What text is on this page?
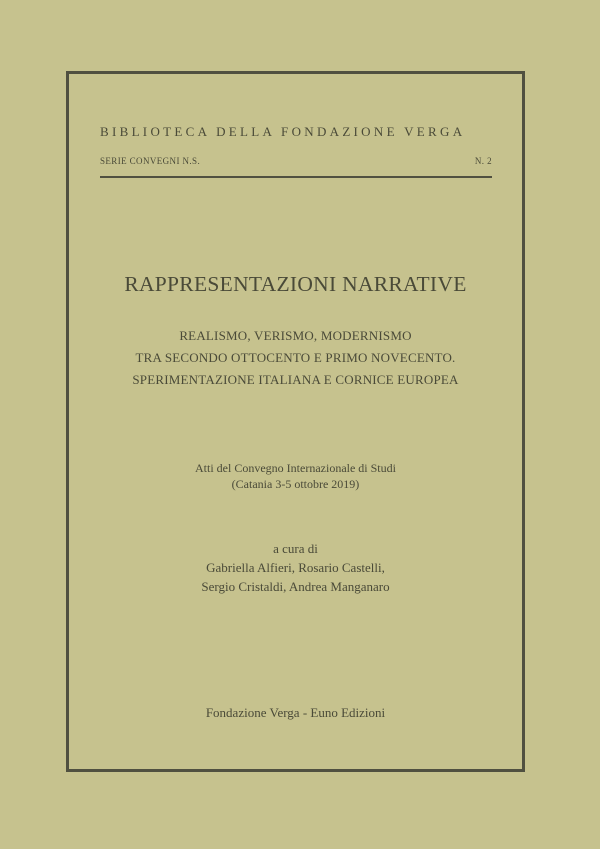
BIBLIOTECA DELLA FONDAZIONE VERGA
SERIE CONVEGNI N.S.	N. 2
RAPPRESENTAZIONI NARRATIVE
REALISMO, VERISMO, MODERNISMO
TRA SECONDO OTTOCENTO E PRIMO NOVECENTO.
SPERIMENTAZIONE ITALIANA E CORNICE EUROPEA
Atti del Convegno Internazionale di Studi
(Catania 3-5 ottobre 2019)
a cura di
Gabriella Alfieri, Rosario Castelli,
Sergio Cristaldi, Andrea Manganaro
Fondazione Verga - Euno Edizioni
